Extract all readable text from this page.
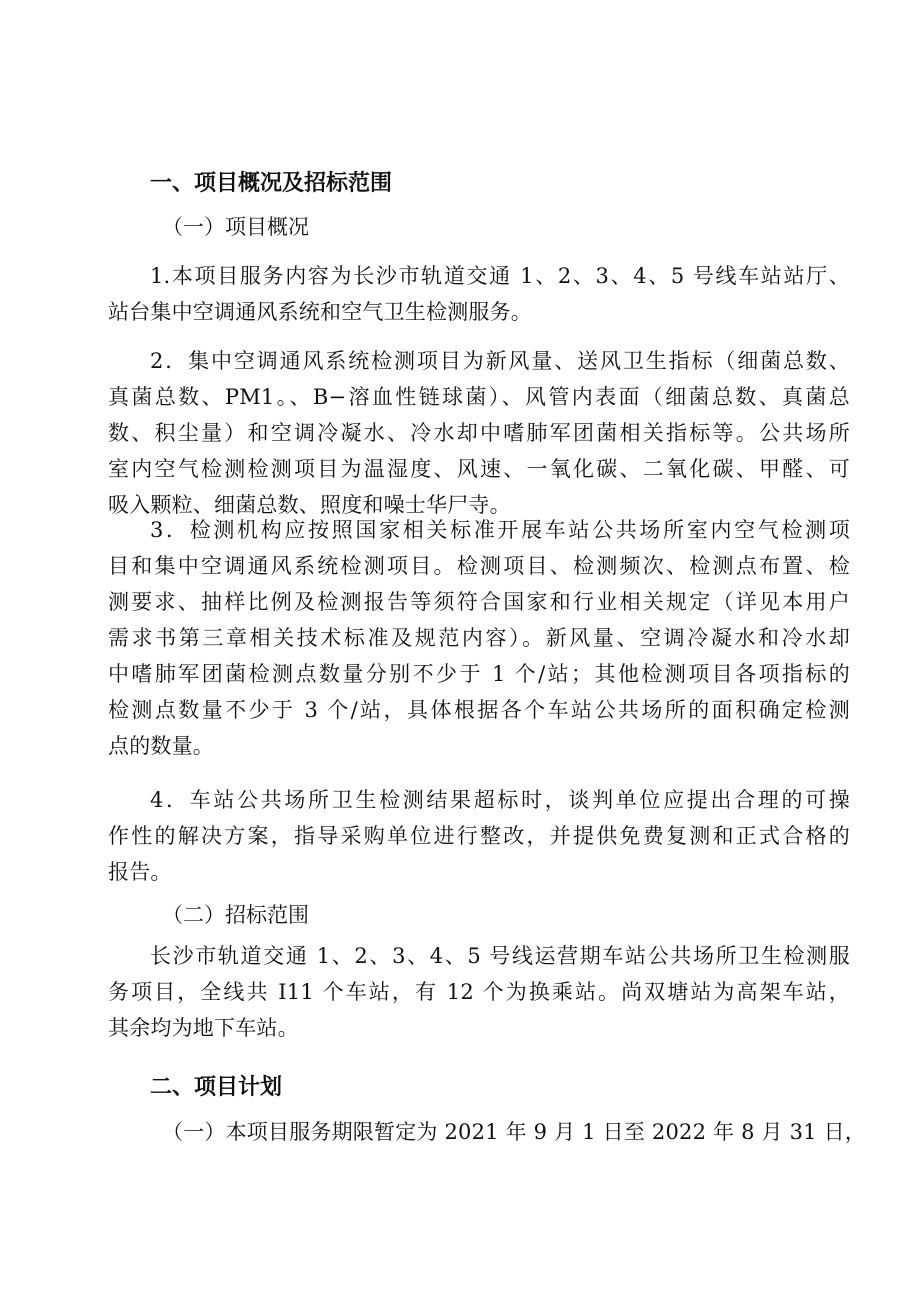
一、项目概况及招标范围

（一）项目概况

1.本项目服务内容为长沙市轨道交通 1、2、3、4、5 号线车站站厅、
站台集中空调通风系统和空气卫生检测服务。

2．集中空调通风系统检测项目为新风量、送风卫生指标（细菌总数、
真菌总数、PM1。、B−溶血性链球菌）、风管内表面（细菌总数、真菌总
数、积尘量）和空调冷凝水、冷水却中嗜肺军团菌相关指标等。公共场所
室内空气检测检测项目为温湿度、风速、一氧化碳、二氧化碳、甲醛、可
吸入颗粒、细菌总数、照度和噪士华尸寺。

3．检测机构应按照国家相关标准开展车站公共场所室内空气检测项
目和集中空调通风系统检测项目。检测项目、检测频次、检测点布置、检
测要求、抽样比例及检测报告等须符合国家和行业相关规定（详见本用户
需求书第三章相关技术标准及规范内容）。新风量、空调冷凝水和冷水却
中嗜肺军团菌检测点数量分别不少于 1 个/站；其他检测项目各项指标的
检测点数量不少于 3 个/站，具体根据各个车站公共场所的面积确定检测
点的数量。

4．车站公共场所卫生检测结果超标时，谈判单位应提出合理的可操
作性的解决方案，指导采购单位进行整改，并提供免费复测和正式合格的
报告。

（二）招标范围

长沙市轨道交通 1、2、3、4、5 号线运营期车站公共场所卫生检测服
务项目，全线共 I11 个车站，有 12 个为换乘站。尚双塘站为高架车站，
其余均为地下车站。

二、项目计划

（一）本项目服务期限暂定为 2021 年 9 月 1 日至 2022 年 8 月 31 日，
